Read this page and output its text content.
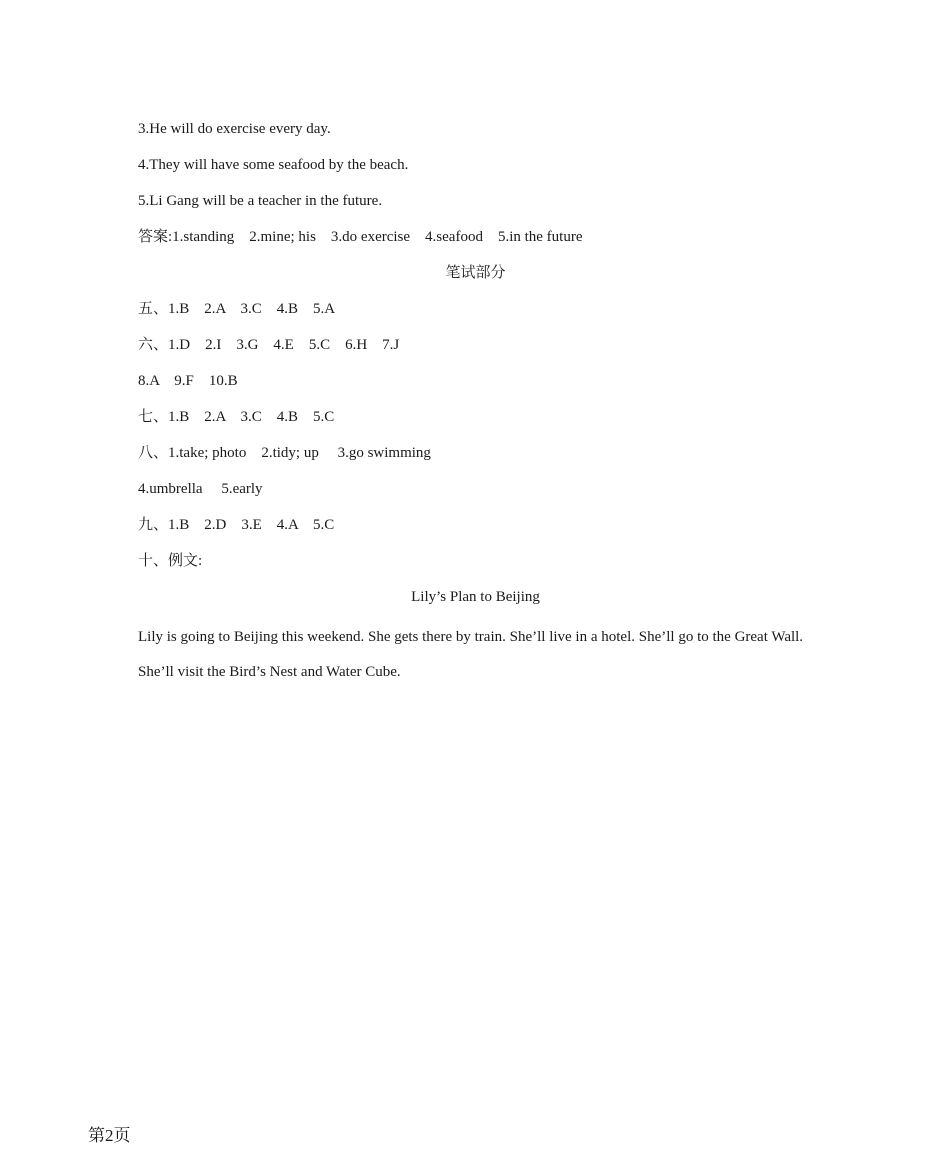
3.He will do exercise every day.
4.They will have some seafood by the beach.
5.Li Gang will be a teacher in the future.
答案:1.standing    2.mine; his    3.do exercise    4.seafood    5.in the future
笔试部分
五、1.B    2.A    3.C    4.B    5.A
六、1.D    2.I    3.G    4.E    5.C    6.H    7.J
8.A    9.F    10.B
七、1.B    2.A    3.C    4.B    5.C
八、1.take; photo    2.tidy; up     3.go swimming
4.umbrella     5.early
九、1.B    2.D    3.E    4.A    5.C
十、例文:
Lily’s Plan to Beijing
Lily is going to Beijing this weekend. She gets there by train. She’ll live in a hotel. She’ll go to the Great Wall. She’ll visit the Bird’s Nest and Water Cube.
第2页
